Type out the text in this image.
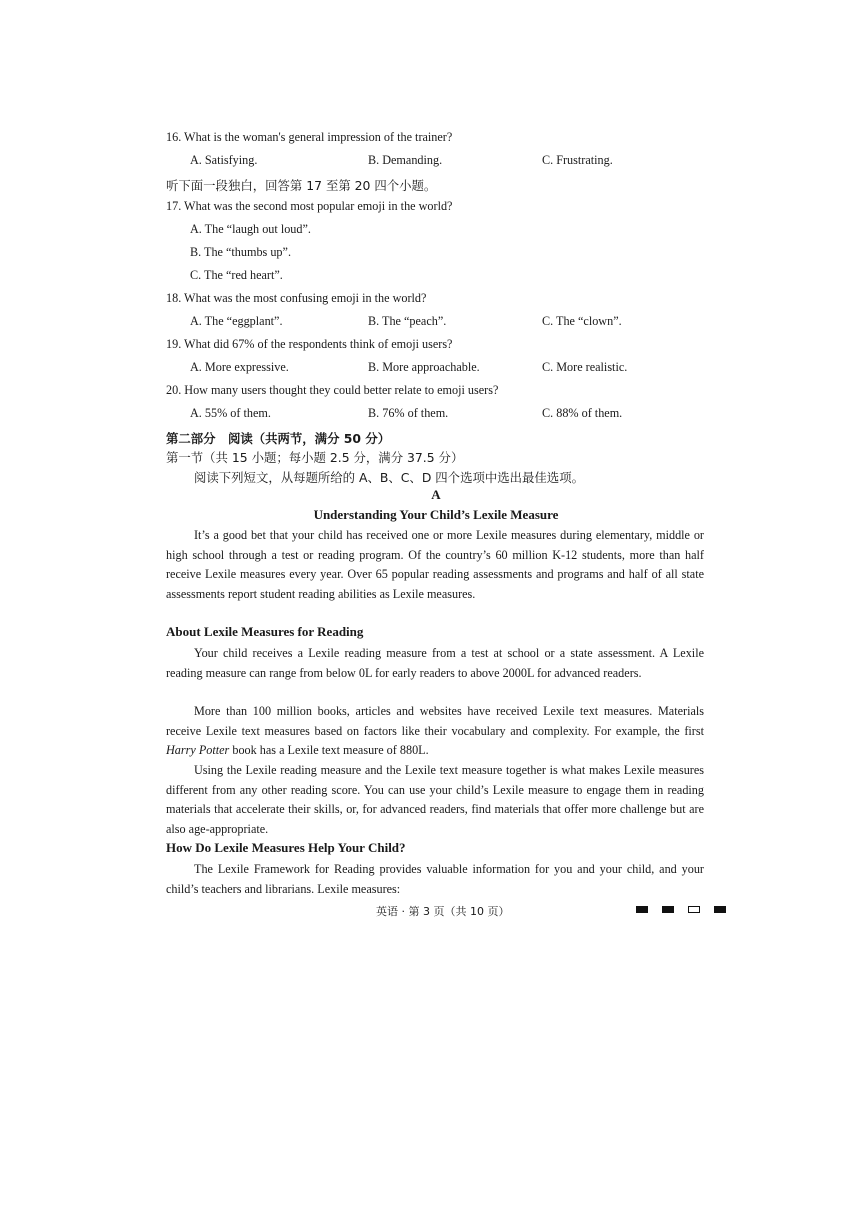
16. What is the woman's general impression of the trainer?
A. Satisfying.	B. Demanding.	C. Frustrating.
听下面一段独白，回答第 17 至第 20 四个小题。
17. What was the second most popular emoji in the world?
A. The “laugh out loud”.
B. The “thumbs up”.
C. The “red heart”.
18. What was the most confusing emoji in the world?
A. The “eggplant”.	B. The “peach”.	C. The “clown”.
19. What did 67% of the respondents think of emoji users?
A. More expressive.	B. More approachable.	C. More realistic.
20. How many users thought they could better relate to emoji users?
A. 55% of them.	B. 76% of them.	C. 88% of them.
第二部分　阅读（共两节，满分 50 分）
第一节（共 15 小题；每小题 2.5 分，满分 37.5 分）
阅读下列短文，从每题所给的 A、B、C、D 四个选项中选出最佳选项。
A
Understanding Your Child’s Lexile Measure
It’s a good bet that your child has received one or more Lexile measures during elementary, middle or high school through a test or reading program. Of the country’s 60 million K-12 students, more than half receive Lexile measures every year. Over 65 popular reading assessments and programs and half of all state assessments report student reading abilities as Lexile measures.
About Lexile Measures for Reading
Your child receives a Lexile reading measure from a test at school or a state assessment. A Lexile reading measure can range from below 0L for early readers to above 2000L for advanced readers.
More than 100 million books, articles and websites have received Lexile text measures. Materials receive Lexile text measures based on factors like their vocabulary and complexity. For example, the first Harry Potter book has a Lexile text measure of 880L.
Using the Lexile reading measure and the Lexile text measure together is what makes Lexile measures different from any other reading score. You can use your child’s Lexile measure to engage them in reading materials that accelerate their skills, or, for advanced readers, find materials that offer more challenge but are also age-appropriate.
How Do Lexile Measures Help Your Child?
The Lexile Framework for Reading provides valuable information for you and your child, and your child’s teachers and librarians. Lexile measures:
英语 · 第 3 页（共 10 页）
